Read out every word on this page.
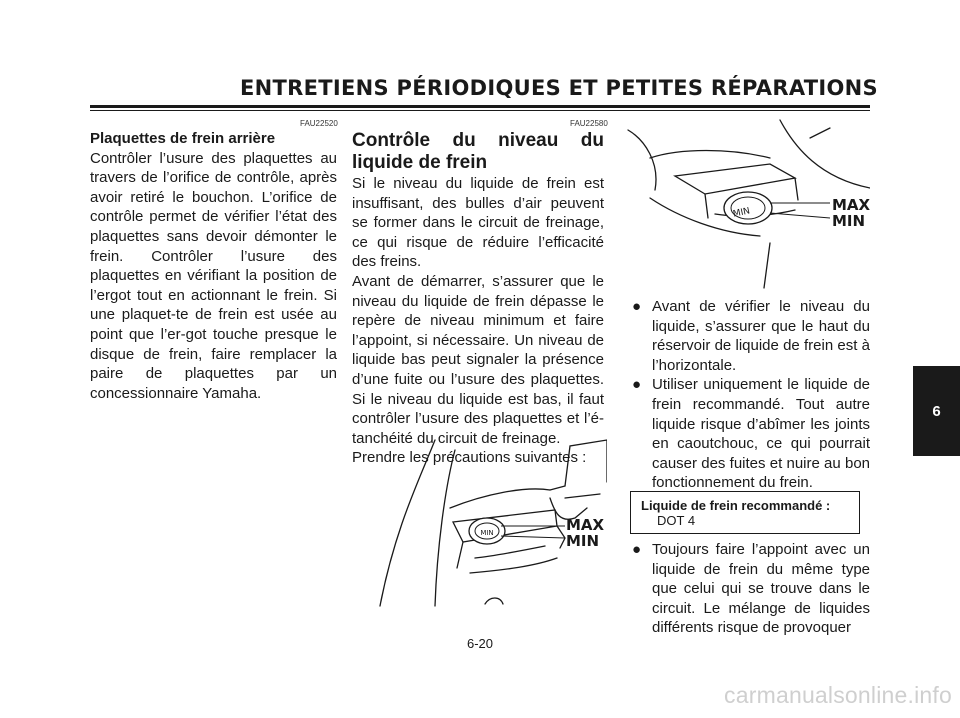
ENTRETIENS PÉRIODIQUES ET PETITES RÉPARATIONS
FAU22520

Plaquettes de frein arrière

Contrôler l’usure des plaquettes au travers de l’orifice de contrôle, après avoir retiré le bouchon. L’orifice de contrôle permet de vérifier l’état des plaquettes sans devoir démonter le frein. Contrôler l’usure des plaquettes en vérifiant la position de l’ergot tout en actionnant le frein. Si une plaquet-te de frein est usée au point que l’er-got touche presque le disque de frein, faire remplacer la paire de plaquettes par un concessionnaire Yamaha.

FAU22580

Contrôle du niveau du liquide de frein

Si le niveau du liquide de frein est insuffisant, des bulles d’air peuvent se former dans le circuit de freinage, ce qui risque de réduire l’efficacité des freins.

Avant de démarrer, s’assurer que le niveau du liquide de frein dépasse le repère de niveau minimum et faire l’appoint, si nécessaire. Un niveau de liquide bas peut signaler la présence d’une fuite ou l’usure des plaquettes. Si le niveau du liquide est bas, il faut contrôler l’usure des plaquettes et l’é-tanchéité du circuit de freinage.

Prendre les précautions suivantes :

MIN	MAX
MIN
MIN	MAX
MIN
● Avant de vérifier le niveau du liquide, s’assurer que le haut du réservoir de liquide de frein est à l’horizontale.
● Utiliser uniquement le liquide de frein recommandé. Tout autre liquide risque d’abîmer les joints en caoutchouc, ce qui pourrait causer des fuites et nuire au bon fonctionnement du frein.
Liquide de frein recommandé :
DOT 4
● Toujours faire l’appoint avec un liquide de frein du même type que celui qui se trouve dans le circuit. Le mélange de liquides différents risque de provoquer
6
6-20
carmanualsonline.info
